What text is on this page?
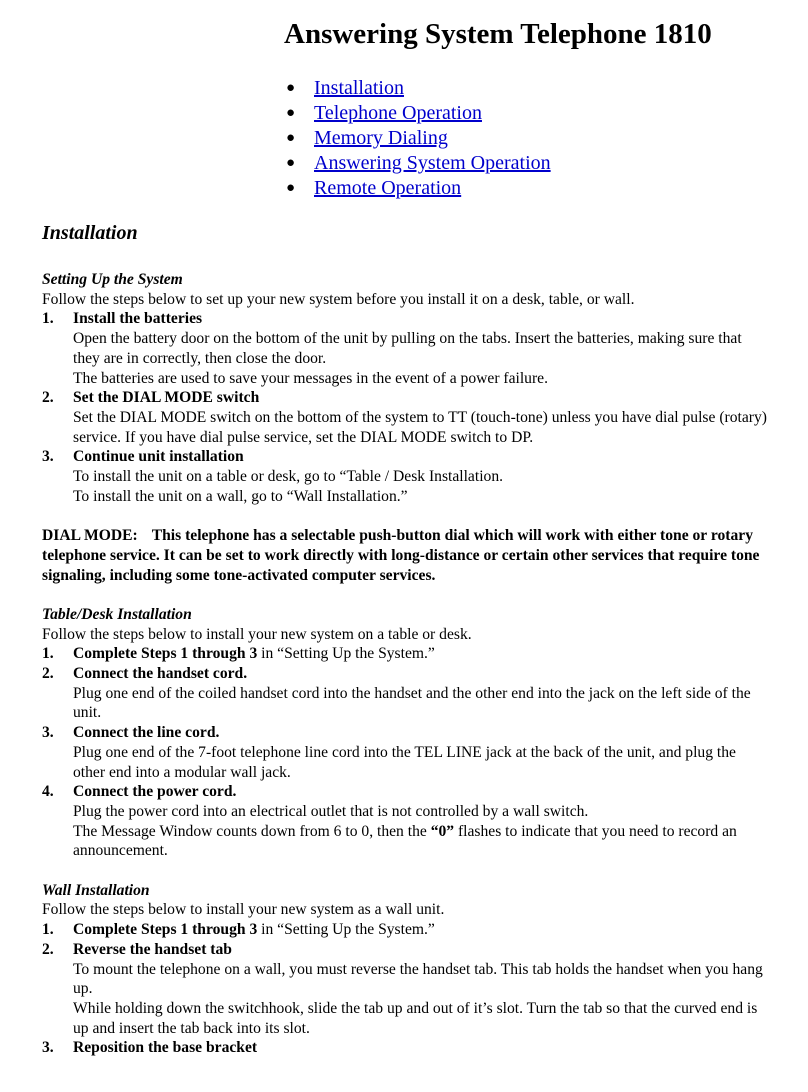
Answering System Telephone 1810
● Installation
● Telephone Operation
● Memory Dialing
● Answering System Operation
● Remote Operation
Installation
Setting Up the System
Follow the steps below to set up your new system before you install it on a desk, table, or wall.
1.	Install the batteries
Open the battery door on the bottom of the unit by pulling on the tabs. Insert the batteries, making sure that they are in correctly, then close the door.
The batteries are used to save your messages in the event of a power failure.
2.	Set the DIAL MODE switch
Set the DIAL MODE switch on the bottom of the system to TT (touch-tone) unless you have dial pulse (rotary) service. If you have dial pulse service, set the DIAL MODE switch to DP.
3.	Continue unit installation
To install the unit on a table or desk, go to “Table / Desk Installation.
To install the unit on a wall, go to “Wall Installation.”
DIAL MODE: This telephone has a selectable push-button dial which will work with either tone or rotary telephone service. It can be set to work directly with long-distance or certain other services that require tone signaling, including some tone-activated computer services.
Table/Desk Installation
Follow the steps below to install your new system on a table or desk.
1.	Complete Steps 1 through 3 in “Setting Up the System.”
2.	Connect the handset cord.
Plug one end of the coiled handset cord into the handset and the other end into the jack on the left side of the unit.
3.	Connect the line cord.
Plug one end of the 7-foot telephone line cord into the TEL LINE jack at the back of the unit, and plug the other end into a modular wall jack.
4.	Connect the power cord.
Plug the power cord into an electrical outlet that is not controlled by a wall switch.
The Message Window counts down from 6 to 0, then the “0” flashes to indicate that you need to record an announcement.
Wall Installation
Follow the steps below to install your new system as a wall unit.
1.	Complete Steps 1 through 3 in “Setting Up the System.”
2.	Reverse the handset tab
To mount the telephone on a wall, you must reverse the handset tab. This tab holds the handset when you hang up.
While holding down the switchhook, slide the tab up and out of it’s slot. Turn the tab so that the curved end is up and insert the tab back into its slot.
3.	Reposition the base bracket
